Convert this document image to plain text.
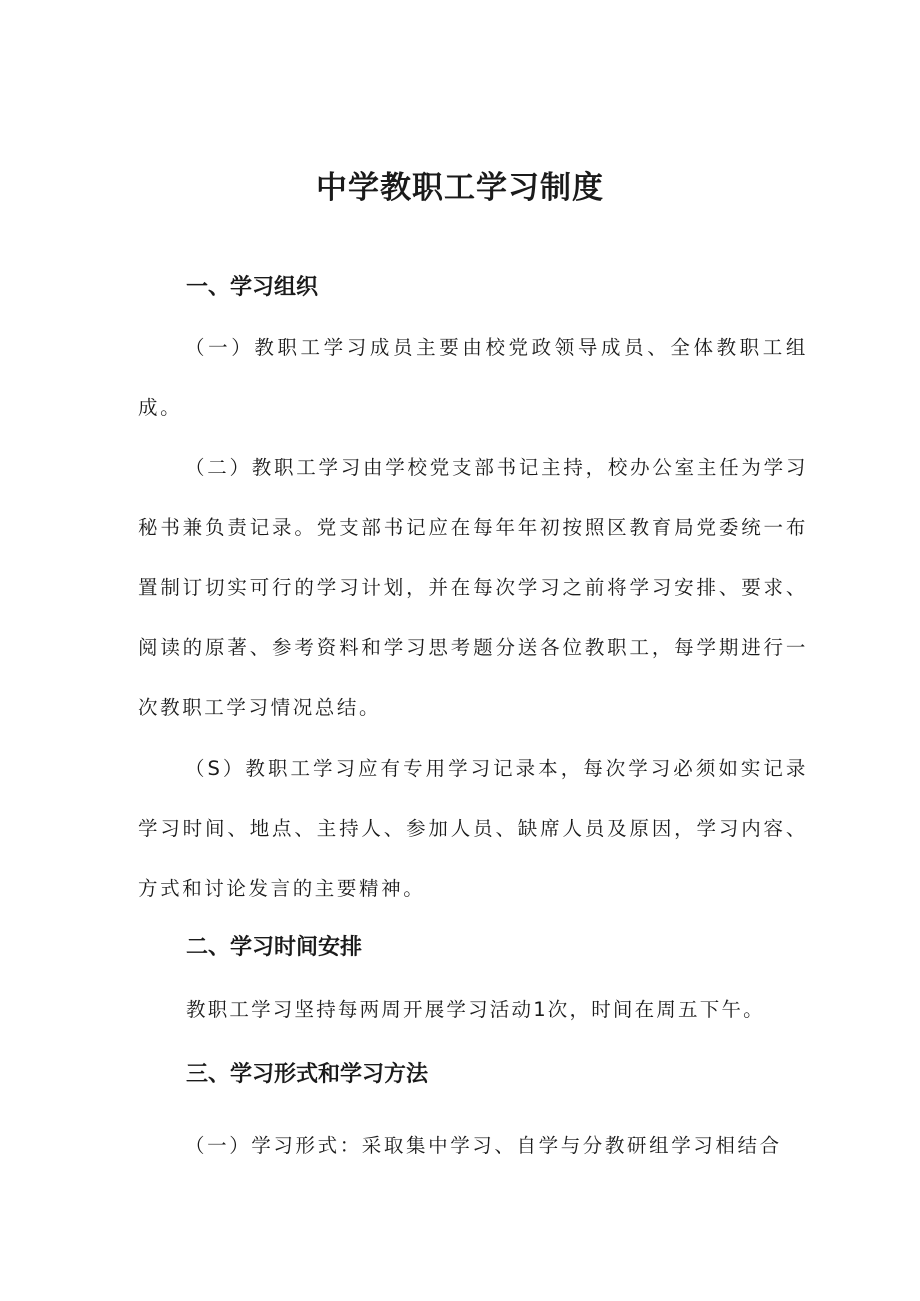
中学教职工学习制度
一、学习组织

（一）教职工学习成员主要由校党政领导成员、全体教职工组成。

（二）教职工学习由学校党支部书记主持，校办公室主任为学习秘书兼负责记录。党支部书记应在每年年初按照区教育局党委统一布置制订切实可行的学习计划，并在每次学习之前将学习安排、要求、阅读的原著、参考资料和学习思考题分送各位教职工，每学期进行一次教职工学习情况总结。

（S）教职工学习应有专用学习记录本，每次学习必须如实记录学习时间、地点、主持人、参加人员、缺席人员及原因，学习内容、方式和讨论发言的主要精神。

二、学习时间安排

教职工学习坚持每两周开展学习活动1次，时间在周五下午。

三、学习形式和学习方法

（一）学习形式：采取集中学习、自学与分教研组学习相结合
